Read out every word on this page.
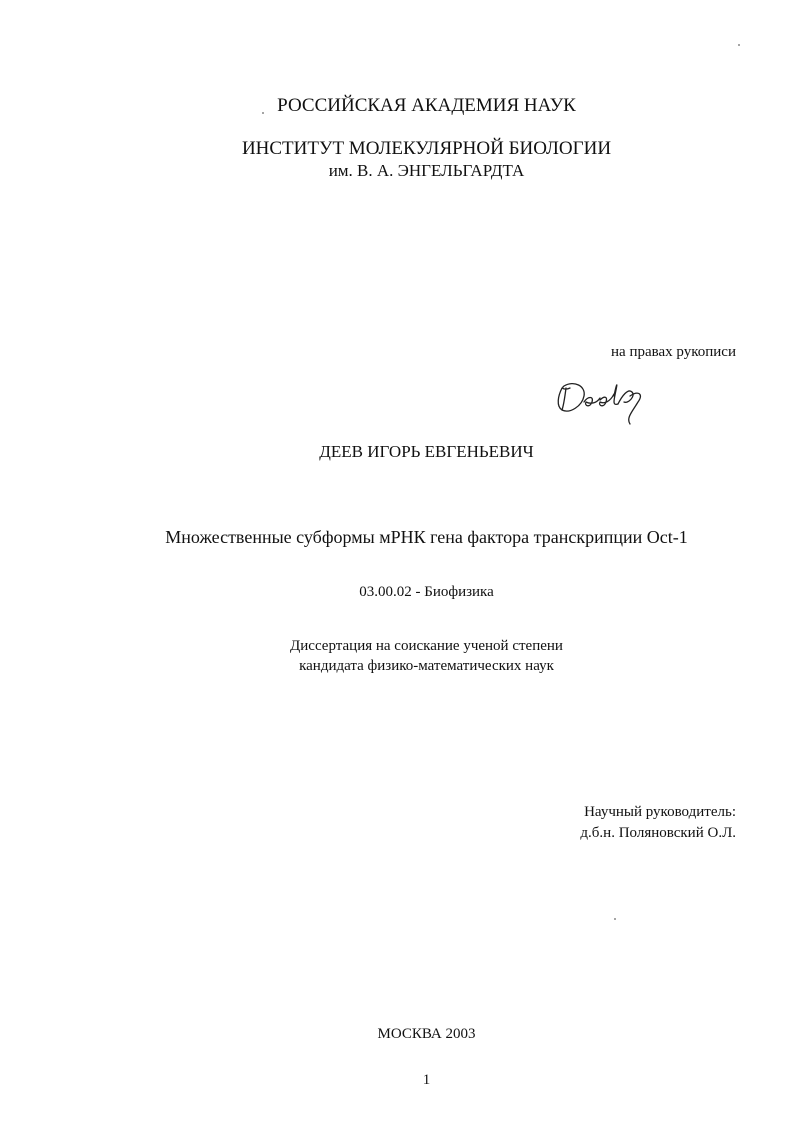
РОССИЙСКАЯ АКАДЕМИЯ НАУК
ИНСТИТУТ МОЛЕКУЛЯРНОЙ БИОЛОГИИ
им. В. А. ЭНГЕЛЬГАРДТА
на правах рукописи
ДЕЕВ ИГОРЬ ЕВГЕНЬЕВИЧ
Множественные субформы мРНК гена фактора транскрипции Oct-1
03.00.02 - Биофизика
Диссертация на соискание ученой степени
кандидата физико-математических наук
Научный руководитель:
д.б.н. Поляновский О.Л.
МОСКВА 2003
1
